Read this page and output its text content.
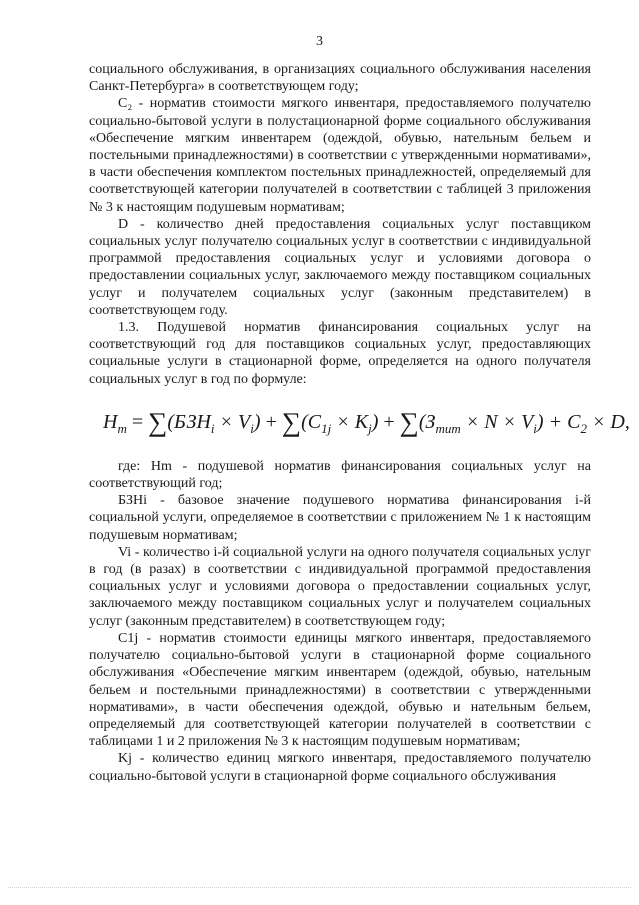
3

социального обслуживания, в организациях социального обслуживания населения Санкт-Петербурга» в соответствующем году;

C₂ - норматив стоимости мягкого инвентаря, предоставляемого получателю социально-бытовой услуги в полустационарной форме социального обслуживания «Обеспечение мягким инвентарем (одеждой, обувью, нательным бельем и постельными принадлежностями) в соответствии с утвержденными нормативами», в части обеспечения комплектом постельных принадлежностей, определяемый для соответствующей категории получателей в соответствии с таблицей 3 приложения № 3 к настоящим подушевым нормативам;

D - количество дней предоставления социальных услуг поставщиком социальных услуг получателю социальных услуг в соответствии с индивидуальной программой предоставления социальных услуг и условиями договора о предоставлении социальных услуг, заключаемого между поставщиком социальных услуг и получателем социальных услуг (законным представителем) в соответствующем году.

1.3. Подушевой норматив финансирования социальных услуг на соответствующий год для поставщиков социальных услуг, предоставляющих социальные услуги в стационарной форме, определяется на одного получателя социальных услуг в год по формуле:

$H_m = \sum(БЗH_i \times V_i) + \sum(C_{1j} \times K_j) + \sum(З_{тит} \times N \times V_i) + C_2 \times D$,

где: Hm - подушевой норматив финансирования социальных услуг на соответствующий год;

БЗHi - базовое значение подушевого норматива финансирования i-й социальной услуги, определяемое в соответствии с приложением № 1 к настоящим подушевым нормативам;

Vi - количество i-й социальной услуги на одного получателя социальных услуг в год (в разах) в соответствии с индивидуальной программой предоставления социальных услуг и условиями договора о предоставлении социальных услуг, заключаемого между поставщиком социальных услуг и получателем социальных услуг (законным представителем) в соответствующем году;

C1j - норматив стоимости единицы мягкого инвентаря, предоставляемого получателю социально-бытовой услуги в стационарной форме социального обслуживания «Обеспечение мягким инвентарем (одеждой, обувью, нательным бельем и постельными принадлежностями) в соответствии с утвержденными нормативами», в части обеспечения одеждой, обувью и нательным бельем, определяемый для соответствующей категории получателей в соответствии с таблицами 1 и 2 приложения № 3 к настоящим подушевым нормативам;

Kj - количество единиц мягкого инвентаря, предоставляемого получателю социально-бытовой услуги в стационарной форме социального обслуживания
